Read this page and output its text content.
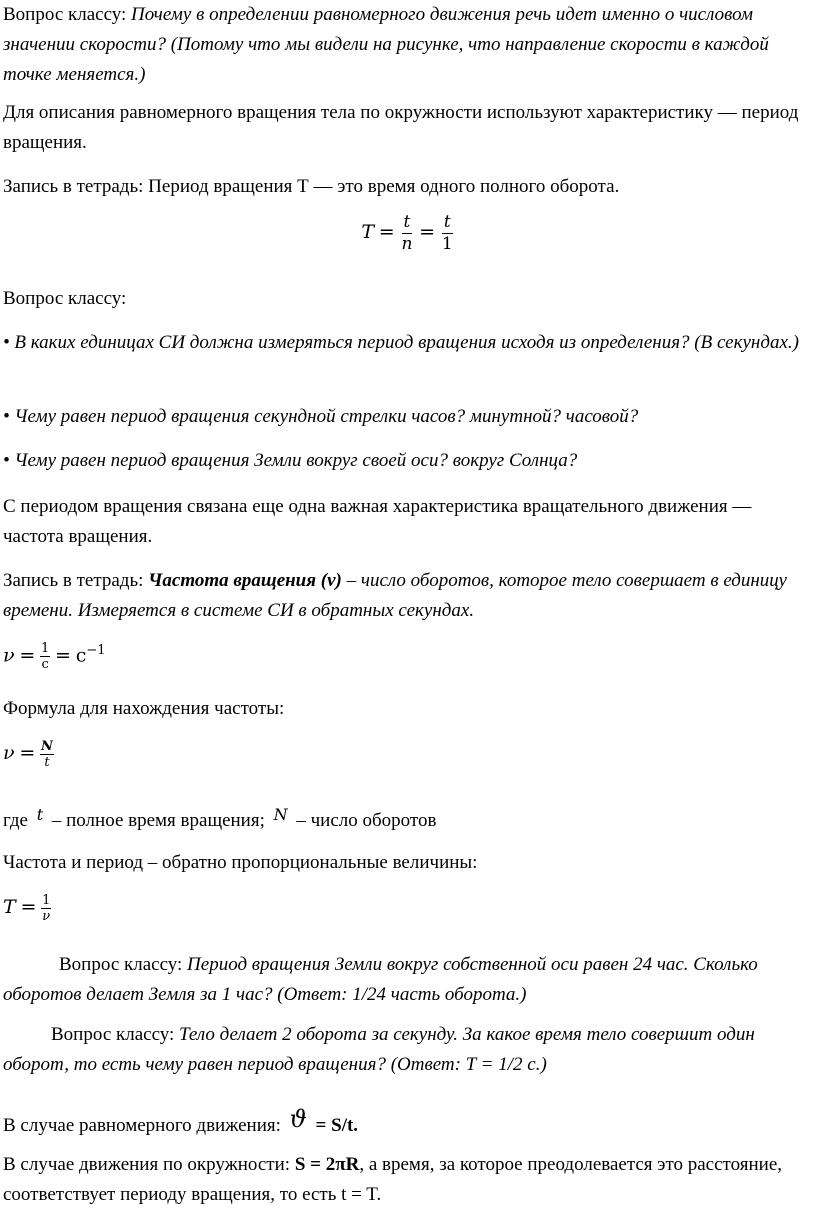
Вопрос классу: Почему в определении равномерного движения речь идет именно о числовом значении скорости? (Потому что мы видели на рисунке, что направление скорости в каждой точке меняется.)

Для описания равномерного вращения тела по окружности используют характеристику — период вращения.

Запись в тетрадь: Период вращения Т — это время одного полного оборота.

$T = \frac{t}{n} = \frac{t}{1}$

Вопрос классу:

• В каких единицах СИ должна измеряться период вращения исходя из определения? (В секундах.)

• Чему равен период вращения секундной стрелки часов? минутной? часовой?

• Чему равен период вращения Земли вокруг своей оси? вокруг Солнца?

С периодом вращения связана еще одна важная характеристика вращательного движения — частота вращения.

Запись в тетрадь: Частота вращения (ν) – число оборотов, которое тело совершает в единицу времени. Измеряется в системе СИ в обратных секундах.

$\nu = \frac{1}{с} = с^{-1}$

Формула для нахождения частоты:

$\nu = \frac{N}{t}$

где $^t$ – полное время вращения; $^N$ – число оборотов

Частота и период – обратно пропорциональные величины:

$T = \frac{1}{\nu}$

Вопрос классу: Период вращения Земли вокруг собственной оси равен 24 час. Сколько оборотов делает Земля за 1 час? (Ответ: 1/24 часть оборота.)

Вопрос классу: Тело делает 2 оборота за секунду. За какое время тело совершит один оборот, то есть чему равен период вращения? (Ответ: T = 1/2 с.)

В случае равномерного движения: ϑ = S/t.

В случае движения по окружности: S = 2πR, а время, за которое преодолевается это расстояние, соответствует периоду вращения, то есть t = T.
